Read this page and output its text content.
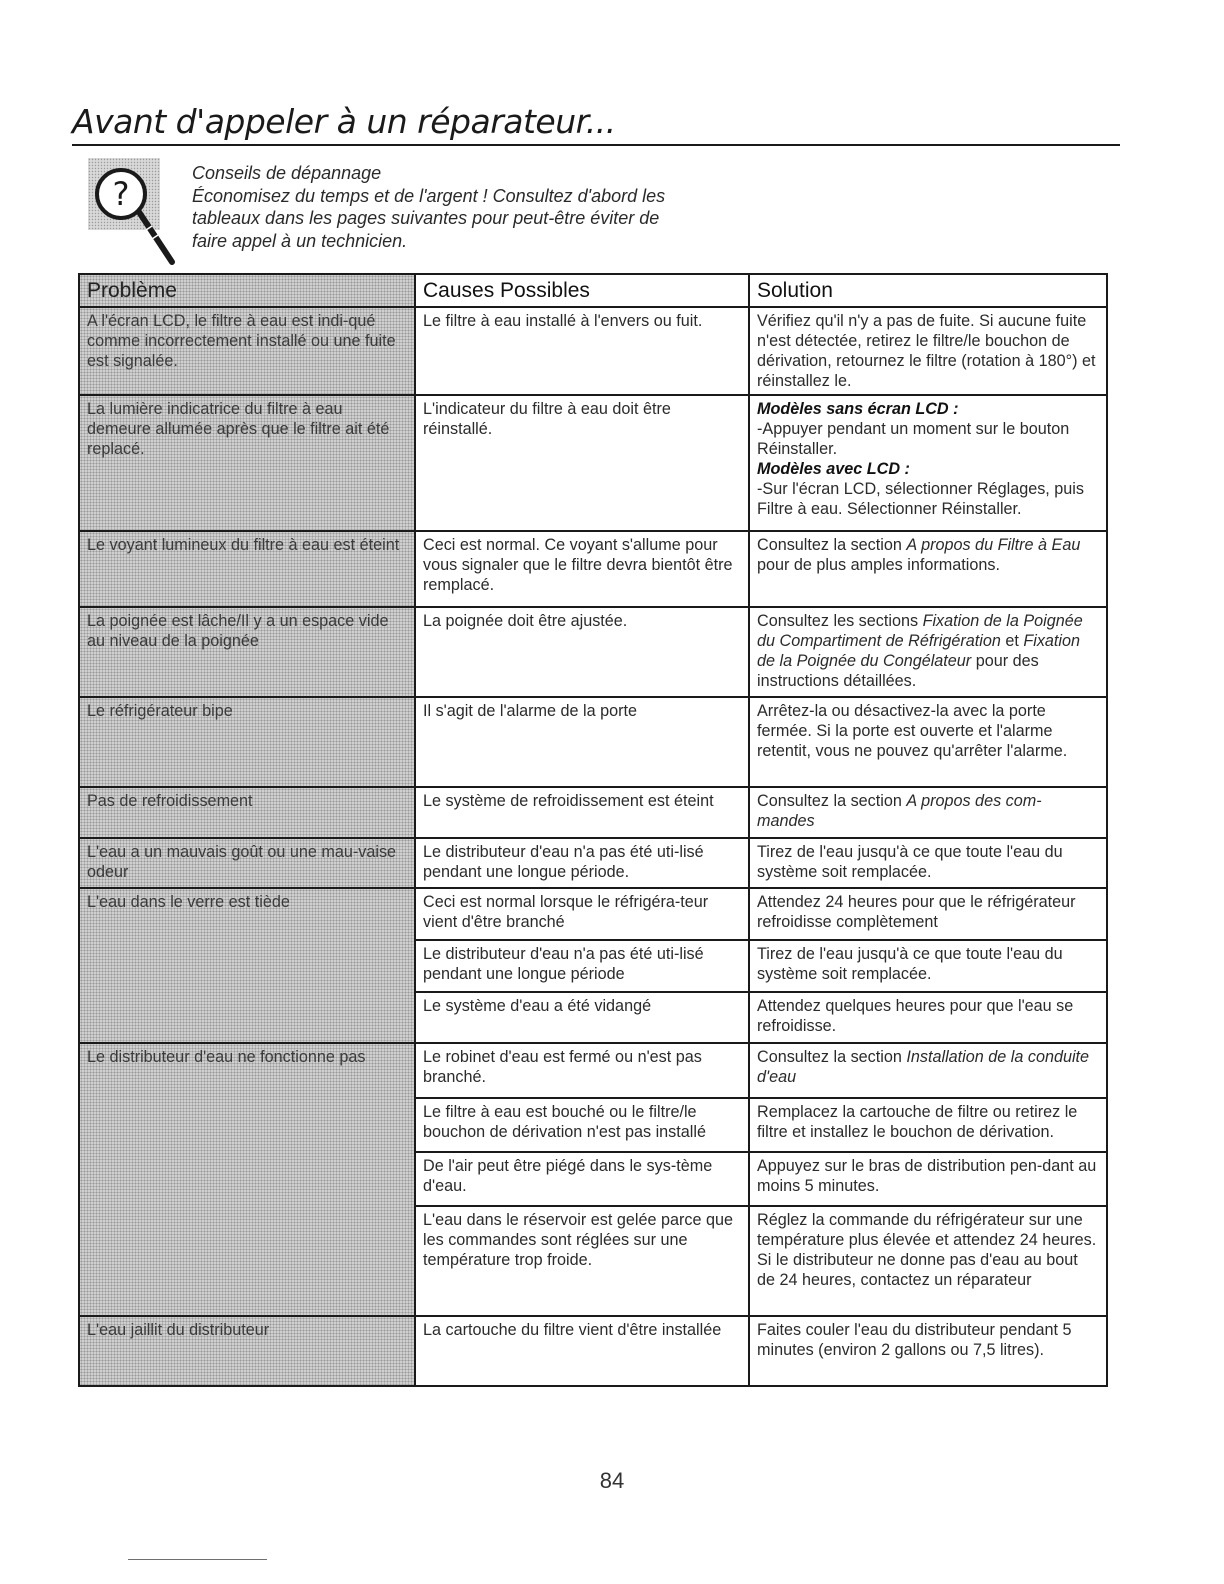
Avant d'appeler à un réparateur...
?
Conseils de dépannage
Économisez du temps et de l'argent ! Consultez d'abord les
tableaux dans les pages suivantes pour peut-être éviter de
faire appel à un technicien.
Problème	Causes Possibles	Solution
A l'écran LCD, le filtre à eau est indi-qué comme incorrectement installé ou une fuite est signalée.	Le filtre à eau installé à l'envers ou fuit.	Vérifiez qu'il n'y a pas de fuite. Si aucune fuite n'est détectée, retirez le filtre/le bouchon de dérivation, retournez le filtre (rotation à 180°) et réinstallez le.
La lumière indicatrice du filtre à eau demeure allumée après que le filtre ait été replacé.	L'indicateur du filtre à eau doit être réinstallé.	Modèles sans écran LCD :
-Appuyer pendant un moment sur le bouton Réinstaller.
Modèles avec LCD :
-Sur l'écran LCD, sélectionner Réglages, puis Filtre à eau. Sélectionner Réinstaller.

Le voyant lumineux du filtre à eau est éteint	Ceci est normal. Ce voyant s'allume pour vous signaler que le filtre devra bientôt être remplacé.	Consultez la section A propos du Filtre à Eau pour de plus amples informations.
La poignée est lâche/Il y a un espace vide au niveau de la poignée	La poignée doit être ajustée.	Consultez les sections Fixation de la Poignée du Compartiment de Réfrigération et Fixation de la Poignée du Congélateur pour des instructions détaillées.
Le réfrigérateur bipe	Il s'agit de l'alarme de la porte	Arrêtez-la ou désactivez-la avec la porte fermée. Si la porte est ouverte et l'alarme retentit, vous ne pouvez qu'arrêter l'alarme.
Pas de refroidissement	Le système de refroidissement est éteint	Consultez la section A propos des com-mandes
L'eau a un mauvais goût ou une mau-vaise odeur	Le distributeur d'eau n'a pas été uti-lisé pendant une longue période.	Tirez de l'eau jusqu'à ce que toute l'eau du système soit remplacée.
L'eau dans le verre est tiède	Ceci est normal lorsque le réfrigéra-teur vient d'être branché	Attendez 24 heures pour que le réfrigérateur refroidisse complètement
	Le distributeur d'eau n'a pas été uti-lisé pendant une longue période	Tirez de l'eau jusqu'à ce que toute l'eau du système soit remplacée.
	Le système d'eau a été vidangé	Attendez quelques heures pour que l'eau se refroidisse.
Le distributeur d'eau ne fonctionne pas	Le robinet d'eau est fermé ou n'est pas branché.	Consultez la section Installation de la conduite d'eau
	Le filtre à eau est bouché ou le filtre/le bouchon de dérivation n'est pas installé	Remplacez la cartouche de filtre ou retirez le filtre et installez le bouchon de dérivation.
	De l'air peut être piégé dans le sys-tème d'eau.	Appuyez sur le bras de distribution pen-dant au moins 5 minutes.
	L'eau dans le réservoir est gelée parce que les commandes sont réglées sur une température trop froide.	Réglez la commande du réfrigérateur sur une température plus élevée et attendez 24 heures. Si le distributeur ne donne pas d'eau au bout de 24 heures, contactez un réparateur
L'eau jaillit du distributeur	La cartouche du filtre vient d'être installée	Faites couler l'eau du distributeur pendant 5 minutes (environ 2 gallons ou 7,5 litres).
84
